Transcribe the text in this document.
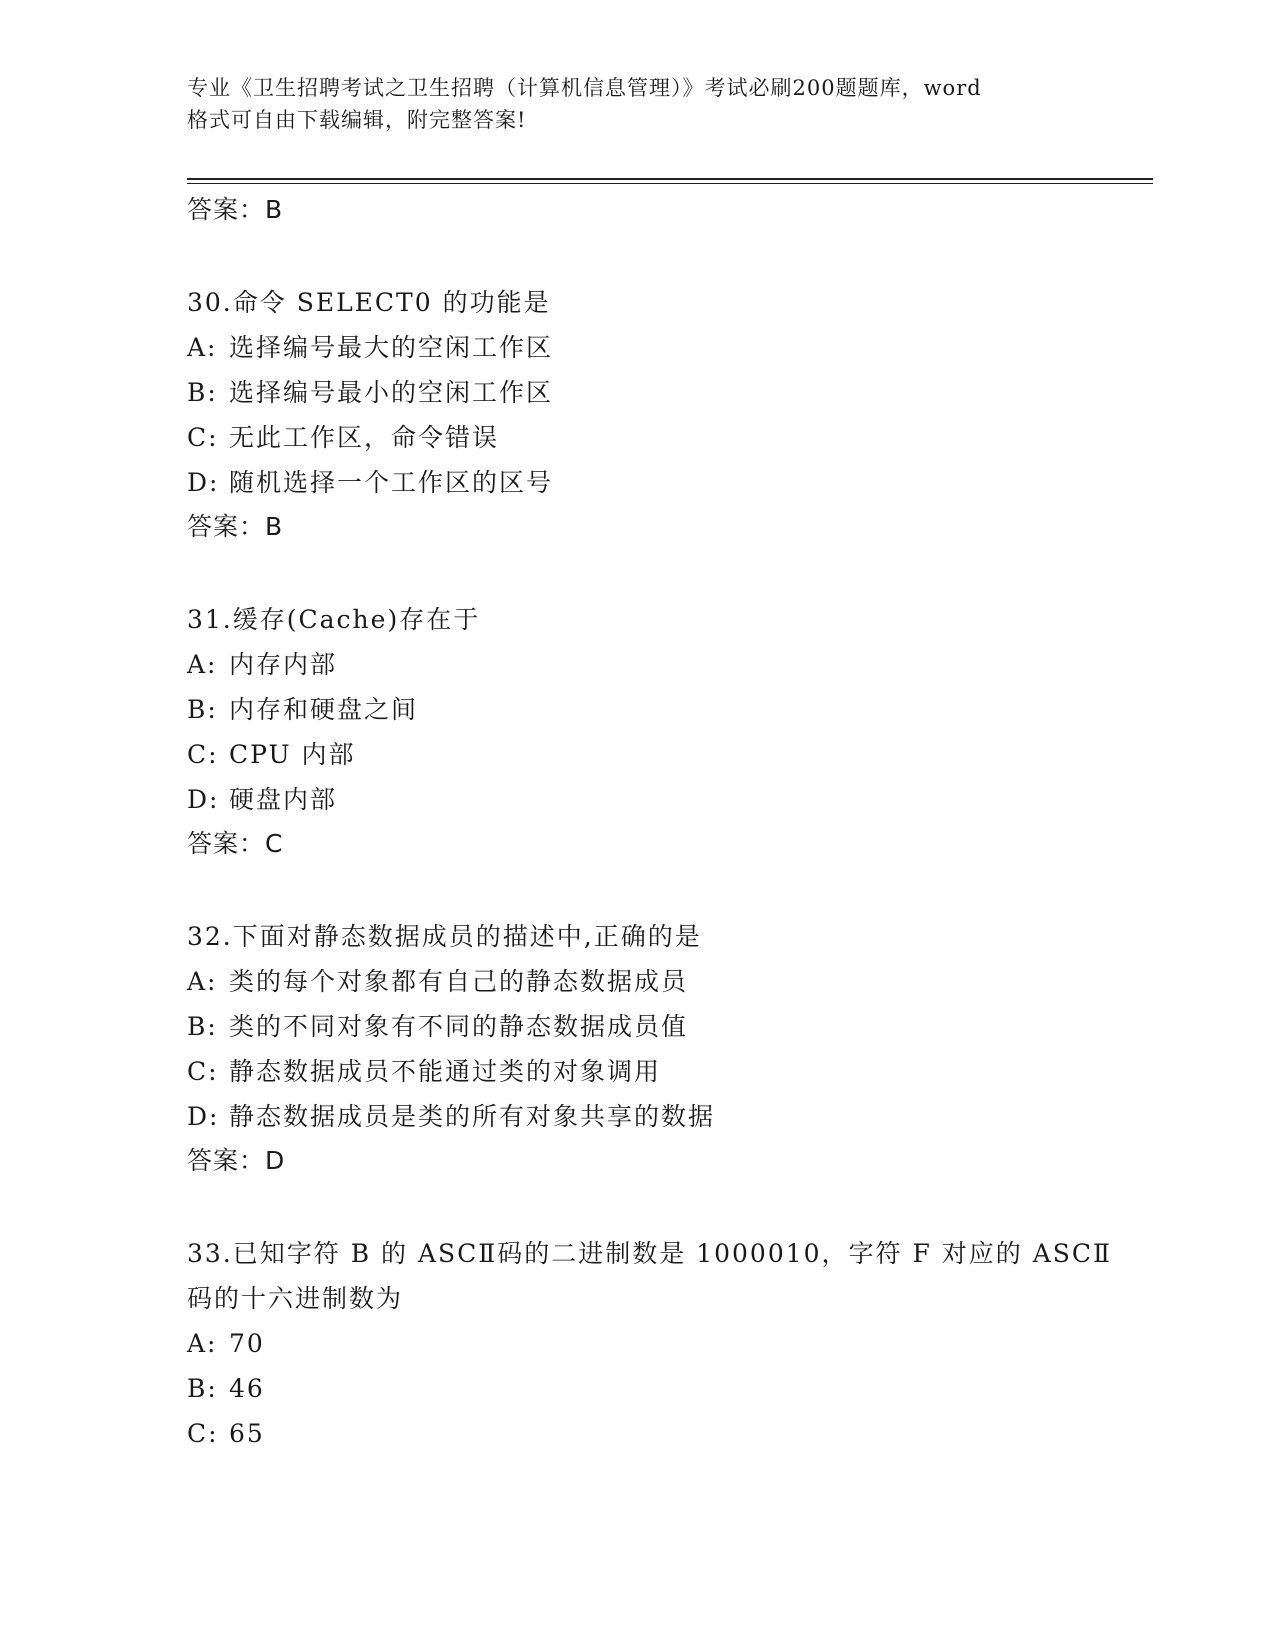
专业《卫生招聘考试之卫生招聘（计算机信息管理）》考试必刷200题题库，word
格式可自由下载编辑，附完整答案!
答案：B
30.命令 SELECT0 的功能是
A: 选择编号最大的空闲工作区
B: 选择编号最小的空闲工作区
C: 无此工作区，命令错误
D: 随机选择一个工作区的区号
答案：B
31.缓存(Cache)存在于
A: 内存内部
B: 内存和硬盘之间
C: CPU 内部
D: 硬盘内部
答案：C
32.下面对静态数据成员的描述中,正确的是
A: 类的每个对象都有自己的静态数据成员
B: 类的不同对象有不同的静态数据成员值
C: 静态数据成员不能通过类的对象调用
D: 静态数据成员是类的所有对象共享的数据
答案：D
33.已知字符 B 的 ASCⅡ码的二进制数是 1000010，字符 F 对应的 ASCⅡ
码的十六进制数为
A: 70
B: 46
C: 65
